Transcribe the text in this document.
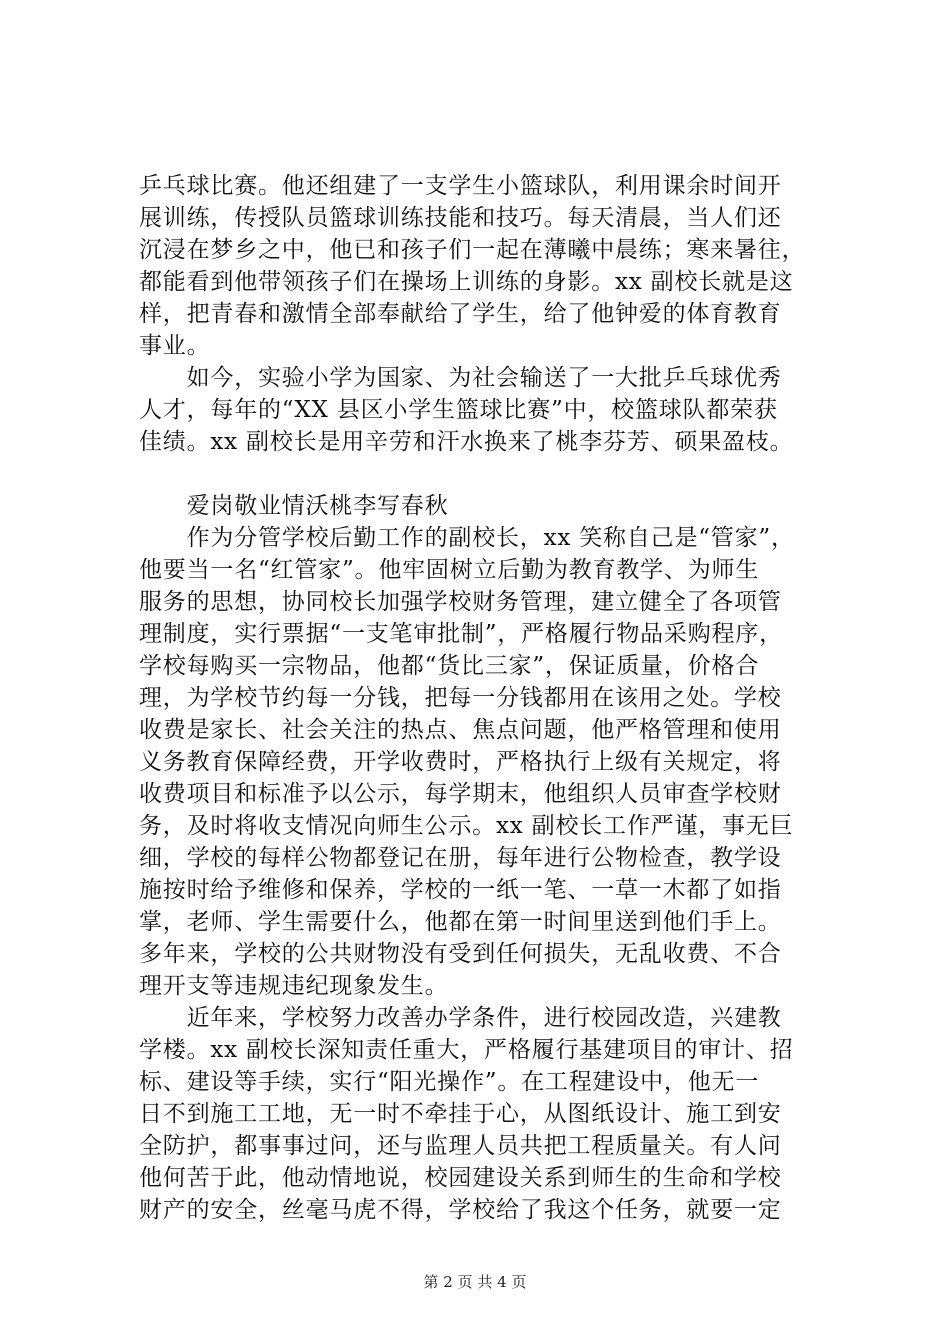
乒乓球比赛。他还组建了一支学生小篮球队，利用课余时间开
展训练，传授队员篮球训练技能和技巧。每天清晨，当人们还
沉浸在梦乡之中，他已和孩子们一起在薄曦中晨练；寒来暑往，
都能看到他带领孩子们在操场上训练的身影。xx 副校长就是这
样，把青春和激情全部奉献给了学生，给了他钟爱的体育教育
事业。
　　如今，实验小学为国家、为社会输送了一大批乒乓球优秀
人才，每年的“XX 县区小学生篮球比赛”中，校篮球队都荣获
佳绩。xx 副校长是用辛劳和汗水换来了桃李芬芳、硕果盈枝。
　　爱岗敬业情沃桃李写春秋
　　作为分管学校后勤工作的副校长，xx 笑称自己是“管家”，
他要当一名“红管家”。他牢固树立后勤为教育教学、为师生
服务的思想，协同校长加强学校财务管理，建立健全了各项管
理制度，实行票据“一支笔审批制”，严格履行物品采购程序，
学校每购买一宗物品，他都“货比三家”，保证质量，价格合
理，为学校节约每一分钱，把每一分钱都用在该用之处。学校
收费是家长、社会关注的热点、焦点问题，他严格管理和使用
义务教育保障经费，开学收费时，严格执行上级有关规定，将
收费项目和标准予以公示，每学期末，他组织人员审查学校财
务，及时将收支情况向师生公示。xx 副校长工作严谨，事无巨
细，学校的每样公物都登记在册，每年进行公物检查，教学设
施按时给予维修和保养，学校的一纸一笔、一草一木都了如指
掌，老师、学生需要什么，他都在第一时间里送到他们手上。
多年来，学校的公共财物没有受到任何损失，无乱收费、不合
理开支等违规违纪现象发生。
　　近年来，学校努力改善办学条件，进行校园改造，兴建教
学楼。xx 副校长深知责任重大，严格履行基建项目的审计、招
标、建设等手续，实行“阳光操作”。在工程建设中，他无一
日不到施工工地，无一时不牵挂于心，从图纸设计、施工到安
全防护，都事事过问，还与监理人员共把工程质量关。有人问
他何苦于此，他动情地说，校园建设关系到师生的生命和学校
财产的安全，丝毫马虎不得，学校给了我这个任务，就要一定
第 2 页 共 4 页
